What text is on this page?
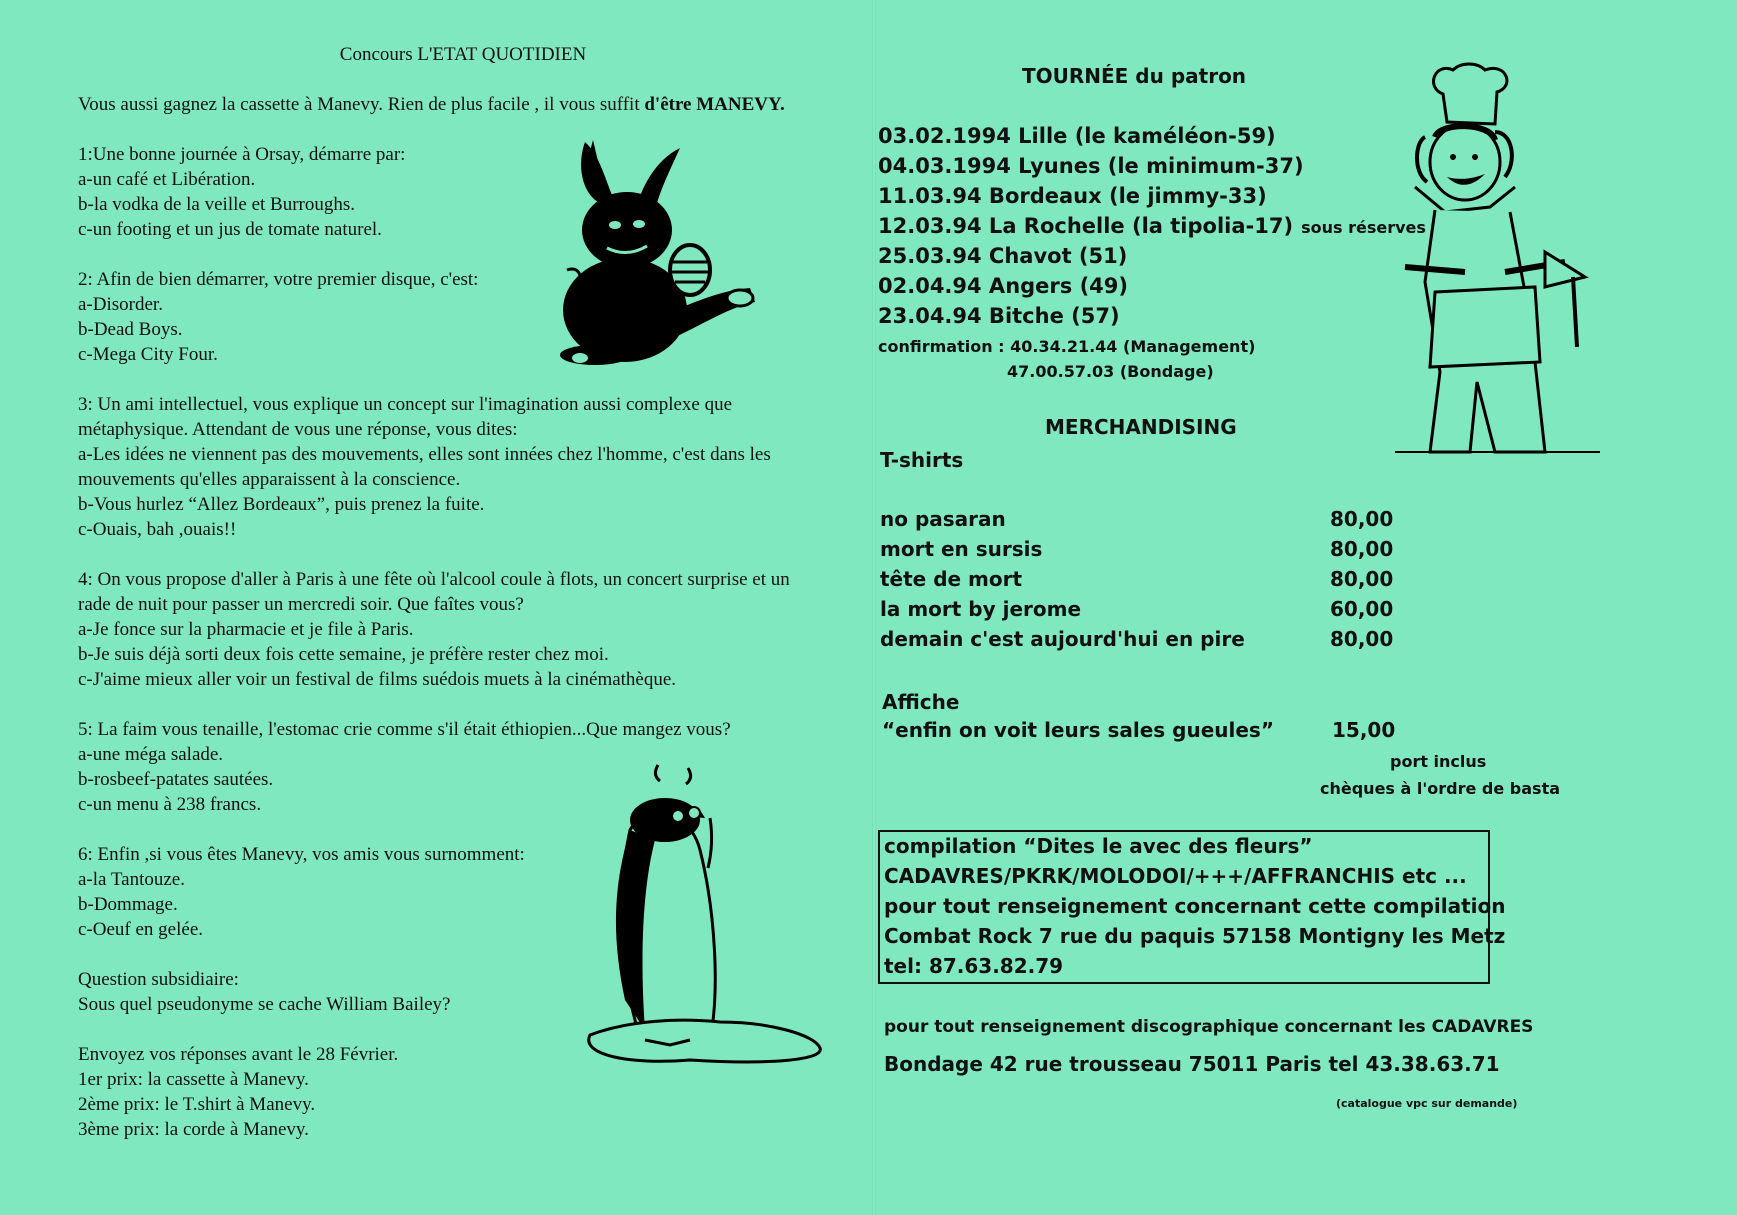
Concours L'ETAT QUOTIDIEN
Vous aussi gagnez la cassette à Manevy. Rien de plus facile , il vous suffit d'être MANEVY.
1:Une bonne journée à Orsay, démarre par:
a-un café et Libération.
b-la vodka de la veille et Burroughs.
c-un footing et un jus de tomate naturel.
2: Afin de bien démarrer, votre premier disque, c'est:
a-Disorder.
b-Dead Boys.
c-Mega City Four.
3: Un ami intellectuel, vous explique un concept sur l'imagination aussi complexe que
métaphysique. Attendant de vous une réponse, vous dites:
a-Les idées ne viennent pas des mouvements, elles sont innées chez l'homme, c'est dans les
mouvements qu'elles apparaissent à la conscience.
b-Vous hurlez “Allez Bordeaux”, puis prenez la fuite.
c-Ouais, bah ,ouais!!
4: On vous propose d'aller à Paris à une fête où l'alcool coule à flots, un concert surprise et un
rade de nuit pour passer un mercredi soir. Que faîtes vous?
a-Je fonce sur la pharmacie et je file à Paris.
b-Je suis déjà sorti deux fois cette semaine, je préfère rester chez moi.
c-J'aime mieux aller voir un festival de films suédois muets à la cinémathèque.
5: La faim vous tenaille, l'estomac crie comme s'il était éthiopien...Que mangez vous?
a-une méga salade.
b-rosbeef-patates sautées.
c-un menu à 238 francs.
6: Enfin ,si vous êtes Manevy, vos amis vous surnomment:
a-la Tantouze.
b-Dommage.
c-Oeuf en gelée.
Question subsidiaire:
Sous quel pseudonyme se cache William Bailey?
Envoyez vos réponses avant le 28 Février.
1er prix: la cassette à Manevy.
2ème prix: le T.shirt à Manevy.
3ème prix: la corde à Manevy.
TOURNÉE du patron
03.02.1994 Lille (le kaméléon-59)
04.03.1994 Lyunes (le minimum-37)
11.03.94 Bordeaux (le jimmy-33)
12.03.94 La Rochelle (la tipolia-17) sous réserves
25.03.94 Chavot (51)
02.04.94 Angers (49)
23.04.94 Bitche (57)
confirmation : 40.34.21.44 (Management)
47.00.57.03 (Bondage)
MERCHANDISING
T-shirts
no pasaran	80,00
mort en sursis	80,00
tête de mort	80,00
la mort by jerome	60,00
demain c'est aujourd'hui en pire	80,00
Affiche
“enfin on voit leurs sales gueules”	15,00
port inclus
chèques à l'ordre de basta
compilation “Dites le avec des fleurs”
CADAVRES/PKRK/MOLODOI/+++/AFFRANCHIS etc ...
pour tout renseignement concernant cette compilation
Combat Rock 7 rue du paquis 57158 Montigny les Metz
tel: 87.63.82.79
pour tout renseignement discographique concernant les CADAVRES
Bondage 42 rue trousseau 75011 Paris tel 43.38.63.71
(catalogue vpc sur demande)
